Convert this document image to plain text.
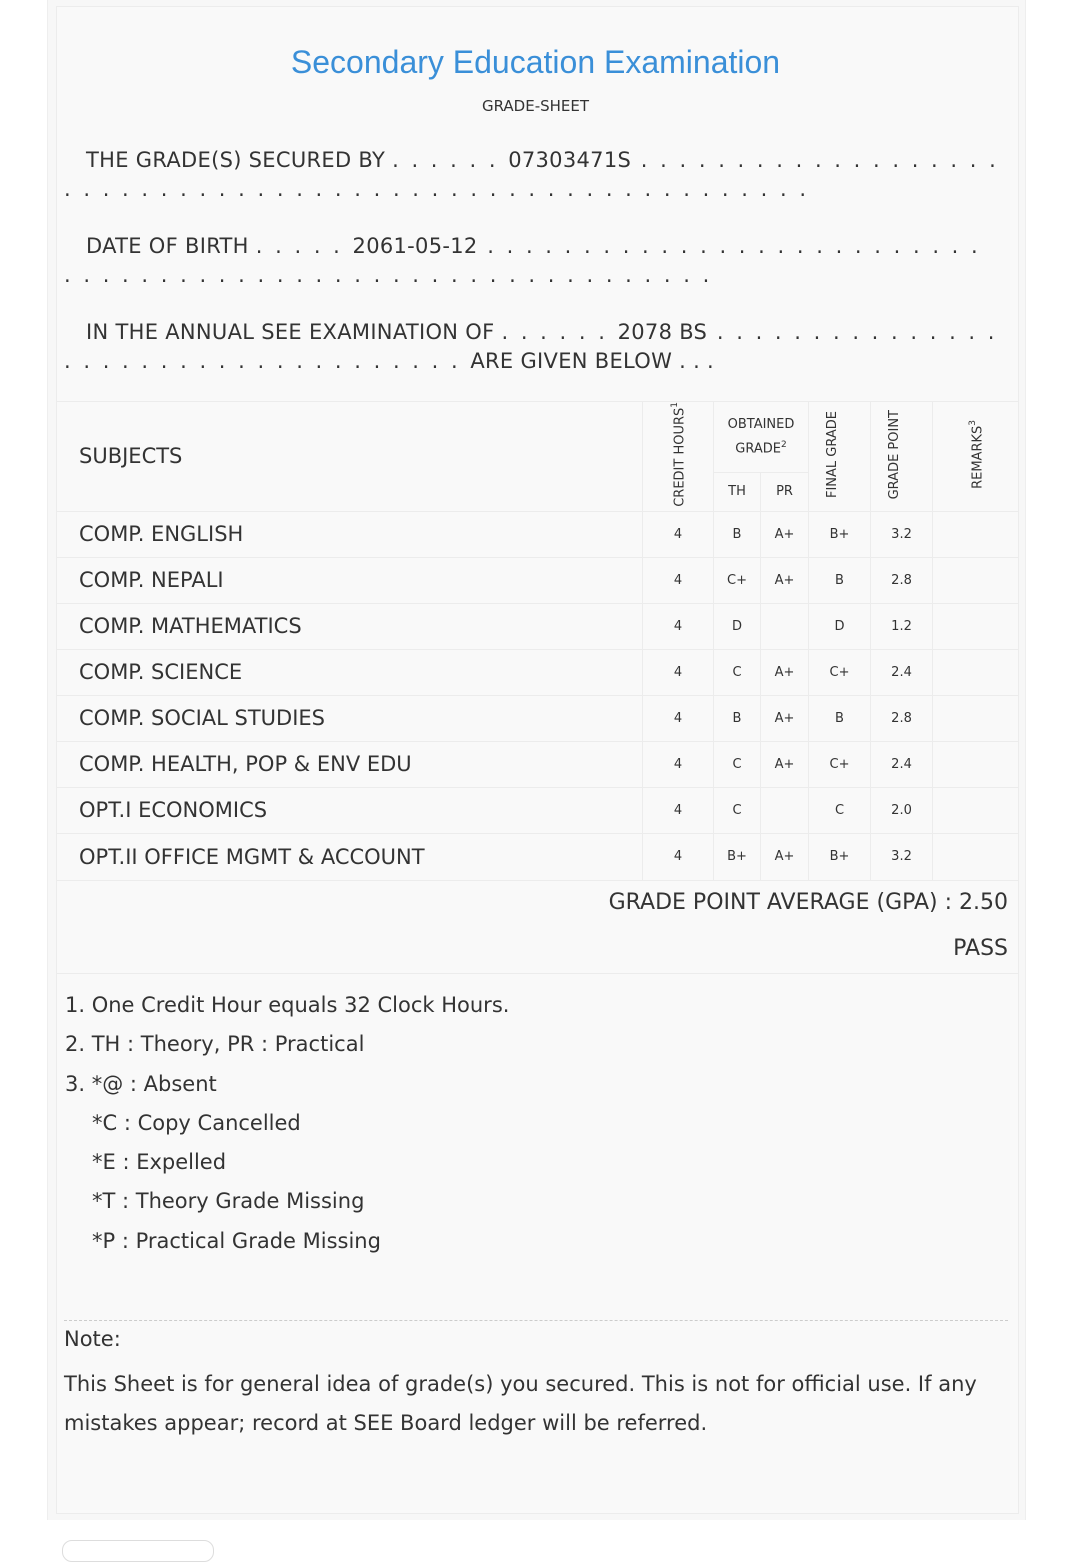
Secondary Education Examination
GRADE-SHEET
THE GRADE(S) SECURED BY . . . . . . 07303471S . . . . . . . . . . . . . . . . . . . . . . . . . . . . . . . . . . . . . . . . . . . . . . . . . . . . . . . . . .
DATE OF BIRTH . . . . . 2061-05-12 . . . . . . . . . . . . . . . . . . . . . . . . . . . . . . . . . . . . . . . . . . . . . . . . . . . . . . . . . . . .
IN THE ANNUAL SEE EXAMINATION OF . . . . . . 2078 BS . . . . . . . . . . . . . . . . . . . . . . . . . . . . . . . . . . . . ARE GIVEN BELOW . . .
SUBJECTS	CREDIT HOURS$^1$	OBTAINED GRADE$^2$		FINAL GRADE	GRADE POINT	REMARKS$^3$
		TH	PR			
COMP. ENGLISH	4	B	A+	B+	3.2	
COMP. NEPALI	4	C+	A+	B	2.8	
COMP. MATHEMATICS	4	D		D	1.2	
COMP. SCIENCE	4	C	A+	C+	2.4	
COMP. SOCIAL STUDIES	4	B	A+	B	2.8	
COMP. HEALTH, POP & ENV EDU	4	C	A+	C+	2.4	
OPT.I ECONOMICS	4	C		C	2.0	
OPT.II OFFICE MGMT & ACCOUNT	4	B+	A+	B+	3.2	
GRADE POINT AVERAGE (GPA) : 2.50
PASS
1. One Credit Hour equals 32 Clock Hours.
2. TH : Theory, PR : Practical
3. *@ : Absent
*C : Copy Cancelled
*E : Expelled
*T : Theory Grade Missing
*P : Practical Grade Missing
Note:
This Sheet is for general idea of grade(s) you secured. This is not for official use. If any mistakes appear; record at SEE Board ledger will be referred.
